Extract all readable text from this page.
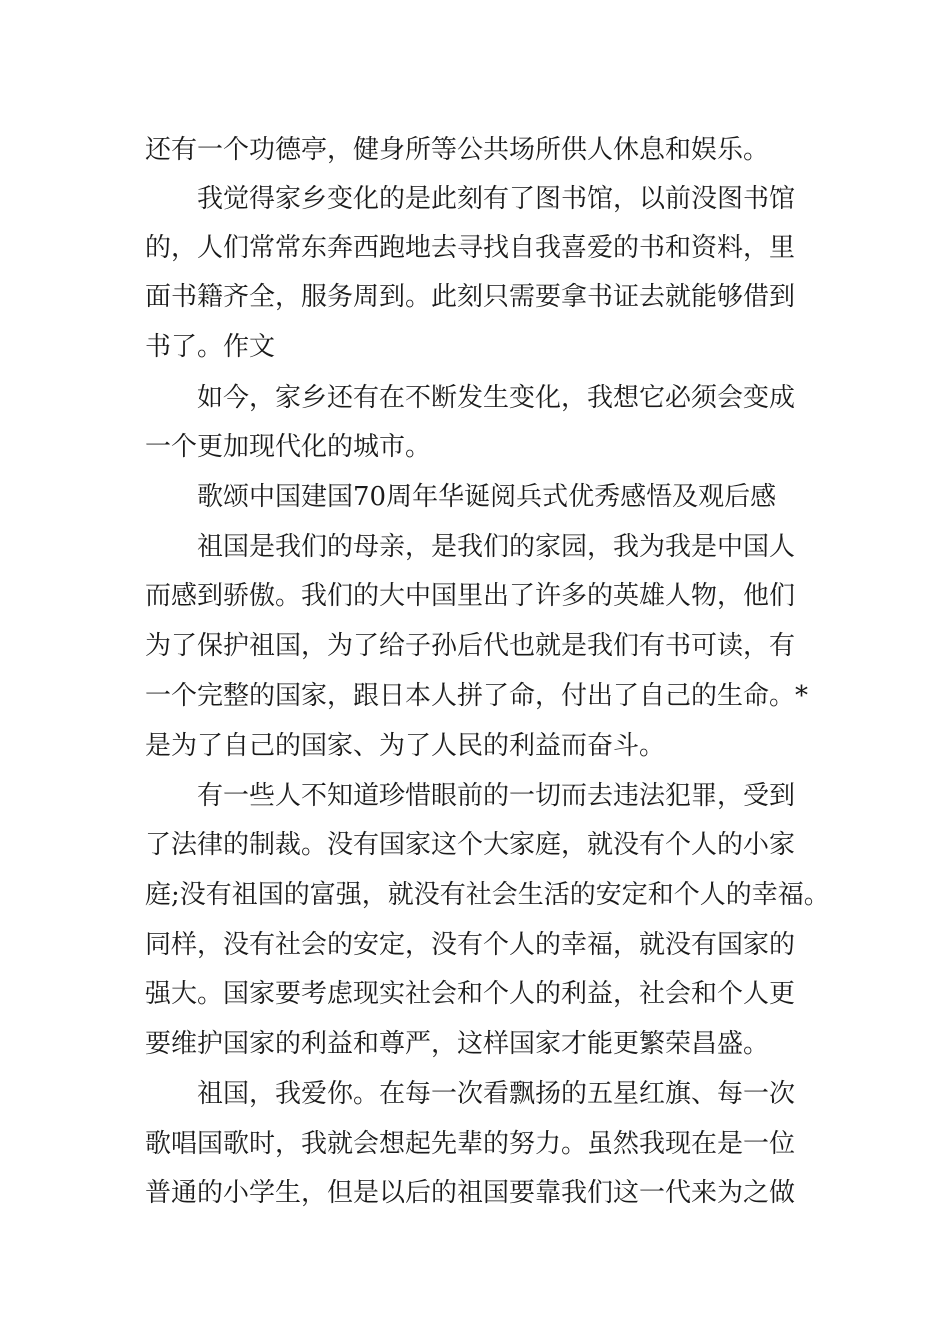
还有一个功德亭，健身所等公共场所供人休息和娱乐。
我觉得家乡变化的是此刻有了图书馆，以前没图书馆
的，人们常常东奔西跑地去寻找自我喜爱的书和资料，里
面书籍齐全，服务周到。此刻只需要拿书证去就能够借到
书了。作文
如今，家乡还有在不断发生变化，我想它必须会变成
一个更加现代化的城市。
歌颂中国建国70周年华诞阅兵式优秀感悟及观后感
祖国是我们的母亲，是我们的家园，我为我是中国人
而感到骄傲。我们的大中国里出了许多的英雄人物，他们
为了保护祖国，为了给子孙后代也就是我们有书可读，有
一个完整的国家，跟日本人拼了命，付出了自己的生命。*
是为了自己的国家、为了人民的利益而奋斗。
有一些人不知道珍惜眼前的一切而去违法犯罪，受到
了法律的制裁。没有国家这个大家庭，就没有个人的小家
庭;没有祖国的富强，就没有社会生活的安定和个人的幸福。
同样，没有社会的安定，没有个人的幸福，就没有国家的
强大。国家要考虑现实社会和个人的利益，社会和个人更
要维护国家的利益和尊严，这样国家才能更繁荣昌盛。
祖国，我爱你。在每一次看飘扬的五星红旗、每一次
歌唱国歌时，我就会想起先辈的努力。虽然我现在是一位
普通的小学生，但是以后的祖国要靠我们这一代来为之做
